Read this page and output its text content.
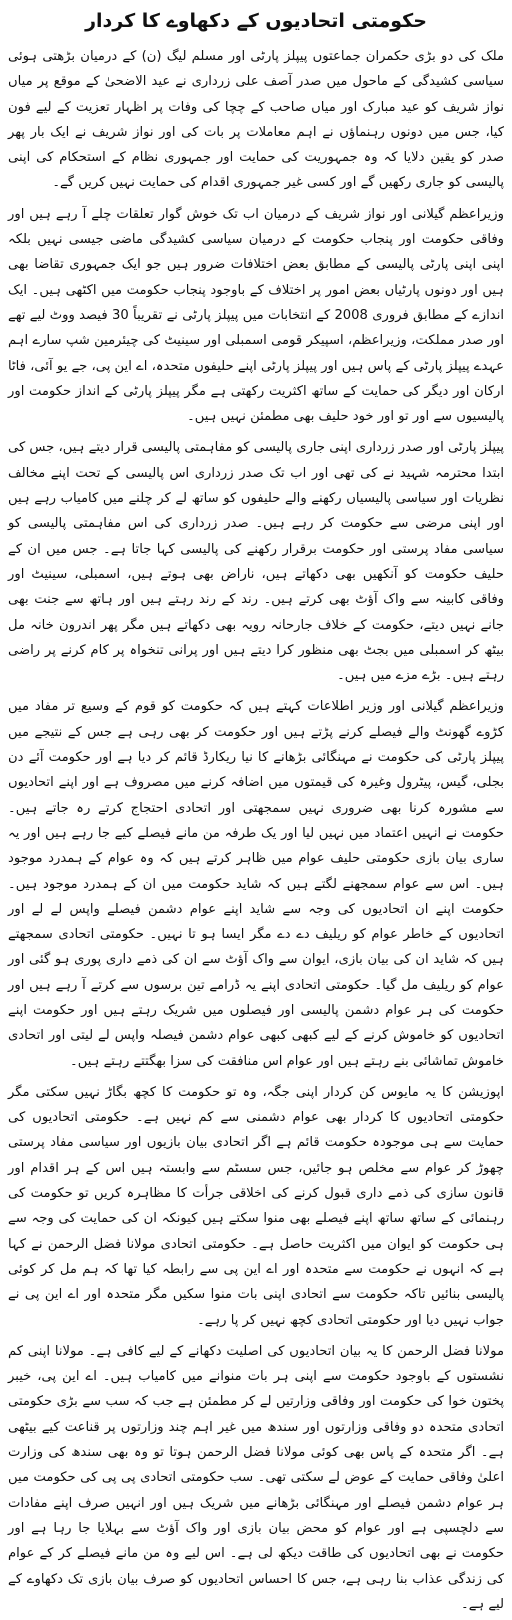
حکومتی اتحادیوں کے دکھاوے کا کردار

ملک کی دو بڑی حکمران جماعتوں پیپلز پارٹی اور مسلم لیگ (ن) کے درمیان بڑھتی ہوئی سیاسی کشیدگی کے ماحول میں صدر آصف علی زرداری نے عید الاضحیٰ کے موقع پر میاں نواز شریف کو عید مبارک اور میاں صاحب کے چچا کی وفات پر اظہار تعزیت کے لیے فون کیا، جس میں دونوں رہنماؤں نے اہم معاملات پر بات کی اور نواز شریف نے ایک بار پھر صدر کو یقین دلایا کہ وہ جمہوریت کی حمایت اور جمہوری نظام کے استحکام کی اپنی پالیسی کو جاری رکھیں گے اور کسی غیر جمہوری اقدام کی حمایت نہیں کریں گے۔

وزیراعظم گیلانی اور نواز شریف کے درمیان اب تک خوش گوار تعلقات چلے آ رہے ہیں اور وفاقی حکومت اور پنجاب حکومت کے درمیان سیاسی کشیدگی ماضی جیسی نہیں بلکہ اپنی اپنی پارٹی پالیسی کے مطابق بعض اختلافات ضرور ہیں جو ایک جمہوری تقاضا بھی ہیں اور دونوں پارٹیاں بعض امور پر اختلاف کے باوجود پنجاب حکومت میں اکٹھی ہیں۔ ایک اندازے کے مطابق فروری 2008 کے انتخابات میں پیپلز پارٹی نے تقریباً 30 فیصد ووٹ لیے تھے اور صدر مملکت، وزیراعظم، اسپیکر قومی اسمبلی اور سینیٹ کی چیئرمین شپ سارے اہم عہدے پیپلز پارٹی کے پاس ہیں اور پیپلز پارٹی اپنے حلیفوں متحدہ، اے این پی، جے یو آئی، فاٹا ارکان اور دیگر کی حمایت کے ساتھ اکثریت رکھتی ہے مگر پیپلز پارٹی کے انداز حکومت اور پالیسیوں سے اور تو اور خود حلیف بھی مطمئن نہیں ہیں۔

پیپلز پارٹی اور صدر زرداری اپنی جاری پالیسی کو مفاہمتی پالیسی قرار دیتے ہیں، جس کی ابتدا محترمہ شہید نے کی تھی اور اب تک صدر زرداری اس پالیسی کے تحت اپنے مخالف نظریات اور سیاسی پالیسیاں رکھنے والے حلیفوں کو ساتھ لے کر چلنے میں کامیاب رہے ہیں اور اپنی مرضی سے حکومت کر رہے ہیں۔ صدر زرداری کی اس مفاہمتی پالیسی کو سیاسی مفاد پرستی اور حکومت برقرار رکھنے کی پالیسی کہا جاتا ہے۔ جس میں ان کے حلیف حکومت کو آنکھیں بھی دکھاتے ہیں، ناراض بھی ہوتے ہیں، اسمبلی، سینیٹ اور وفاقی کابینہ سے واک آؤٹ بھی کرتے ہیں۔ رند کے رند رہتے ہیں اور ہاتھ سے جنت بھی جانے نہیں دیتے، حکومت کے خلاف جارحانہ رویہ بھی دکھاتے ہیں مگر پھر اندرون خانہ مل بیٹھ کر اسمبلی میں بجٹ بھی منظور کرا دیتے ہیں اور پرانی تنخواہ پر کام کرنے پر راضی رہتے ہیں۔ بڑے مزے میں ہیں۔

وزیراعظم گیلانی اور وزیر اطلاعات کہتے ہیں کہ حکومت کو قوم کے وسیع تر مفاد میں کڑوے گھونٹ والے فیصلے کرنے پڑتے ہیں اور حکومت کر بھی رہی ہے جس کے نتیجے میں پیپلز پارٹی کی حکومت نے مہنگائی بڑھانے کا نیا ریکارڈ قائم کر دیا ہے اور حکومت آئے دن بجلی، گیس، پیٹرول وغیرہ کی قیمتوں میں اضافہ کرنے میں مصروف ہے اور اپنے اتحادیوں سے مشورہ کرنا بھی ضروری نہیں سمجھتی اور اتحادی احتجاج کرتے رہ جاتے ہیں۔ حکومت نے انہیں اعتماد میں نہیں لیا اور یک طرفہ من مانے فیصلے کیے جا رہے ہیں اور یہ ساری بیان بازی حکومتی حلیف عوام میں ظاہر کرتے ہیں کہ وہ عوام کے ہمدرد موجود ہیں۔ اس سے عوام سمجھنے لگتے ہیں کہ شاید حکومت میں ان کے ہمدرد موجود ہیں۔ حکومت اپنے ان اتحادیوں کی وجہ سے شاید اپنے عوام دشمن فیصلے واپس لے لے اور اتحادیوں کے خاطر عوام کو ریلیف دے دے مگر ایسا ہو تا نہیں۔ حکومتی اتحادی سمجھتے ہیں کہ شاید ان کی بیان بازی، ایوان سے واک آؤٹ سے ان کی ذمے داری پوری ہو گئی اور عوام کو ریلیف مل گیا۔ حکومتی اتحادی اپنے یہ ڈرامے تین برسوں سے کرتے آ رہے ہیں اور حکومت کی ہر عوام دشمن پالیسی اور فیصلوں میں شریک رہتے ہیں اور حکومت اپنے اتحادیوں کو خاموش کرنے کے لیے کبھی کبھی عوام دشمن فیصلہ واپس لے لیتی اور اتحادی خاموش تماشائی بنے رہتے ہیں اور عوام اس منافقت کی سزا بھگتتے رہتے ہیں۔

اپوزیشن کا یہ مایوس کن کردار اپنی جگہ، وہ تو حکومت کا کچھ بگاڑ نہیں سکتی مگر حکومتی اتحادیوں کا کردار بھی عوام دشمنی سے کم نہیں ہے۔ حکومتی اتحادیوں کی حمایت سے ہی موجودہ حکومت قائم ہے اگر اتحادی بیان بازیوں اور سیاسی مفاد پرستی چھوڑ کر عوام سے مخلص ہو جائیں، جس سسٹم سے وابستہ ہیں اس کے ہر اقدام اور قانون سازی کی ذمے داری قبول کرنے کی اخلاقی جرأت کا مظاہرہ کریں تو حکومت کی رہنمائی کے ساتھ ساتھ اپنے فیصلے بھی منوا سکتے ہیں کیونکہ ان کی حمایت کی وجہ سے ہی حکومت کو ایوان میں اکثریت حاصل ہے۔ حکومتی اتحادی مولانا فضل الرحمن نے کہا ہے کہ انہوں نے حکومت سے متحدہ اور اے این پی سے رابطہ کیا تھا کہ ہم مل کر کوئی پالیسی بنائیں تاکہ حکومت سے اتحادی اپنی بات منوا سکیں مگر متحدہ اور اے این پی نے جواب نہیں دیا اور حکومتی اتحادی کچھ نہیں کر پا رہے۔

مولانا فضل الرحمن کا یہ بیان اتحادیوں کی اصلیت دکھانے کے لیے کافی ہے۔ مولانا اپنی کم نشستوں کے باوجود حکومت سے اپنی ہر بات منوانے میں کامیاب ہیں۔ اے این پی، خیبر پختون خوا کی حکومت اور وفاقی وزارتیں لے کر مطمئن ہے جب کہ سب سے بڑی حکومتی اتحادی متحدہ دو وفاقی وزارتوں اور سندھ میں غیر اہم چند وزارتوں پر قناعت کیے بیٹھی ہے۔ اگر متحدہ کے پاس بھی کوئی مولانا فضل الرحمن ہوتا تو وہ بھی سندھ کی وزارت اعلیٰ وفاقی حمایت کے عوض لے سکتی تھی۔ سب حکومتی اتحادی پی پی کی حکومت میں ہر عوام دشمن فیصلے اور مہنگائی بڑھانے میں شریک ہیں اور انہیں صرف اپنے مفادات سے دلچسپی ہے اور عوام کو محض بیان بازی اور واک آؤٹ سے بہلایا جا رہا ہے اور حکومت نے بھی اتحادیوں کی طاقت دیکھ لی ہے۔ اس لیے وہ من مانے فیصلے کر کے عوام کی زندگی عذاب بنا رہی ہے، جس کا احساس اتحادیوں کو صرف بیان بازی تک دکھاوے کے لیے ہے۔
